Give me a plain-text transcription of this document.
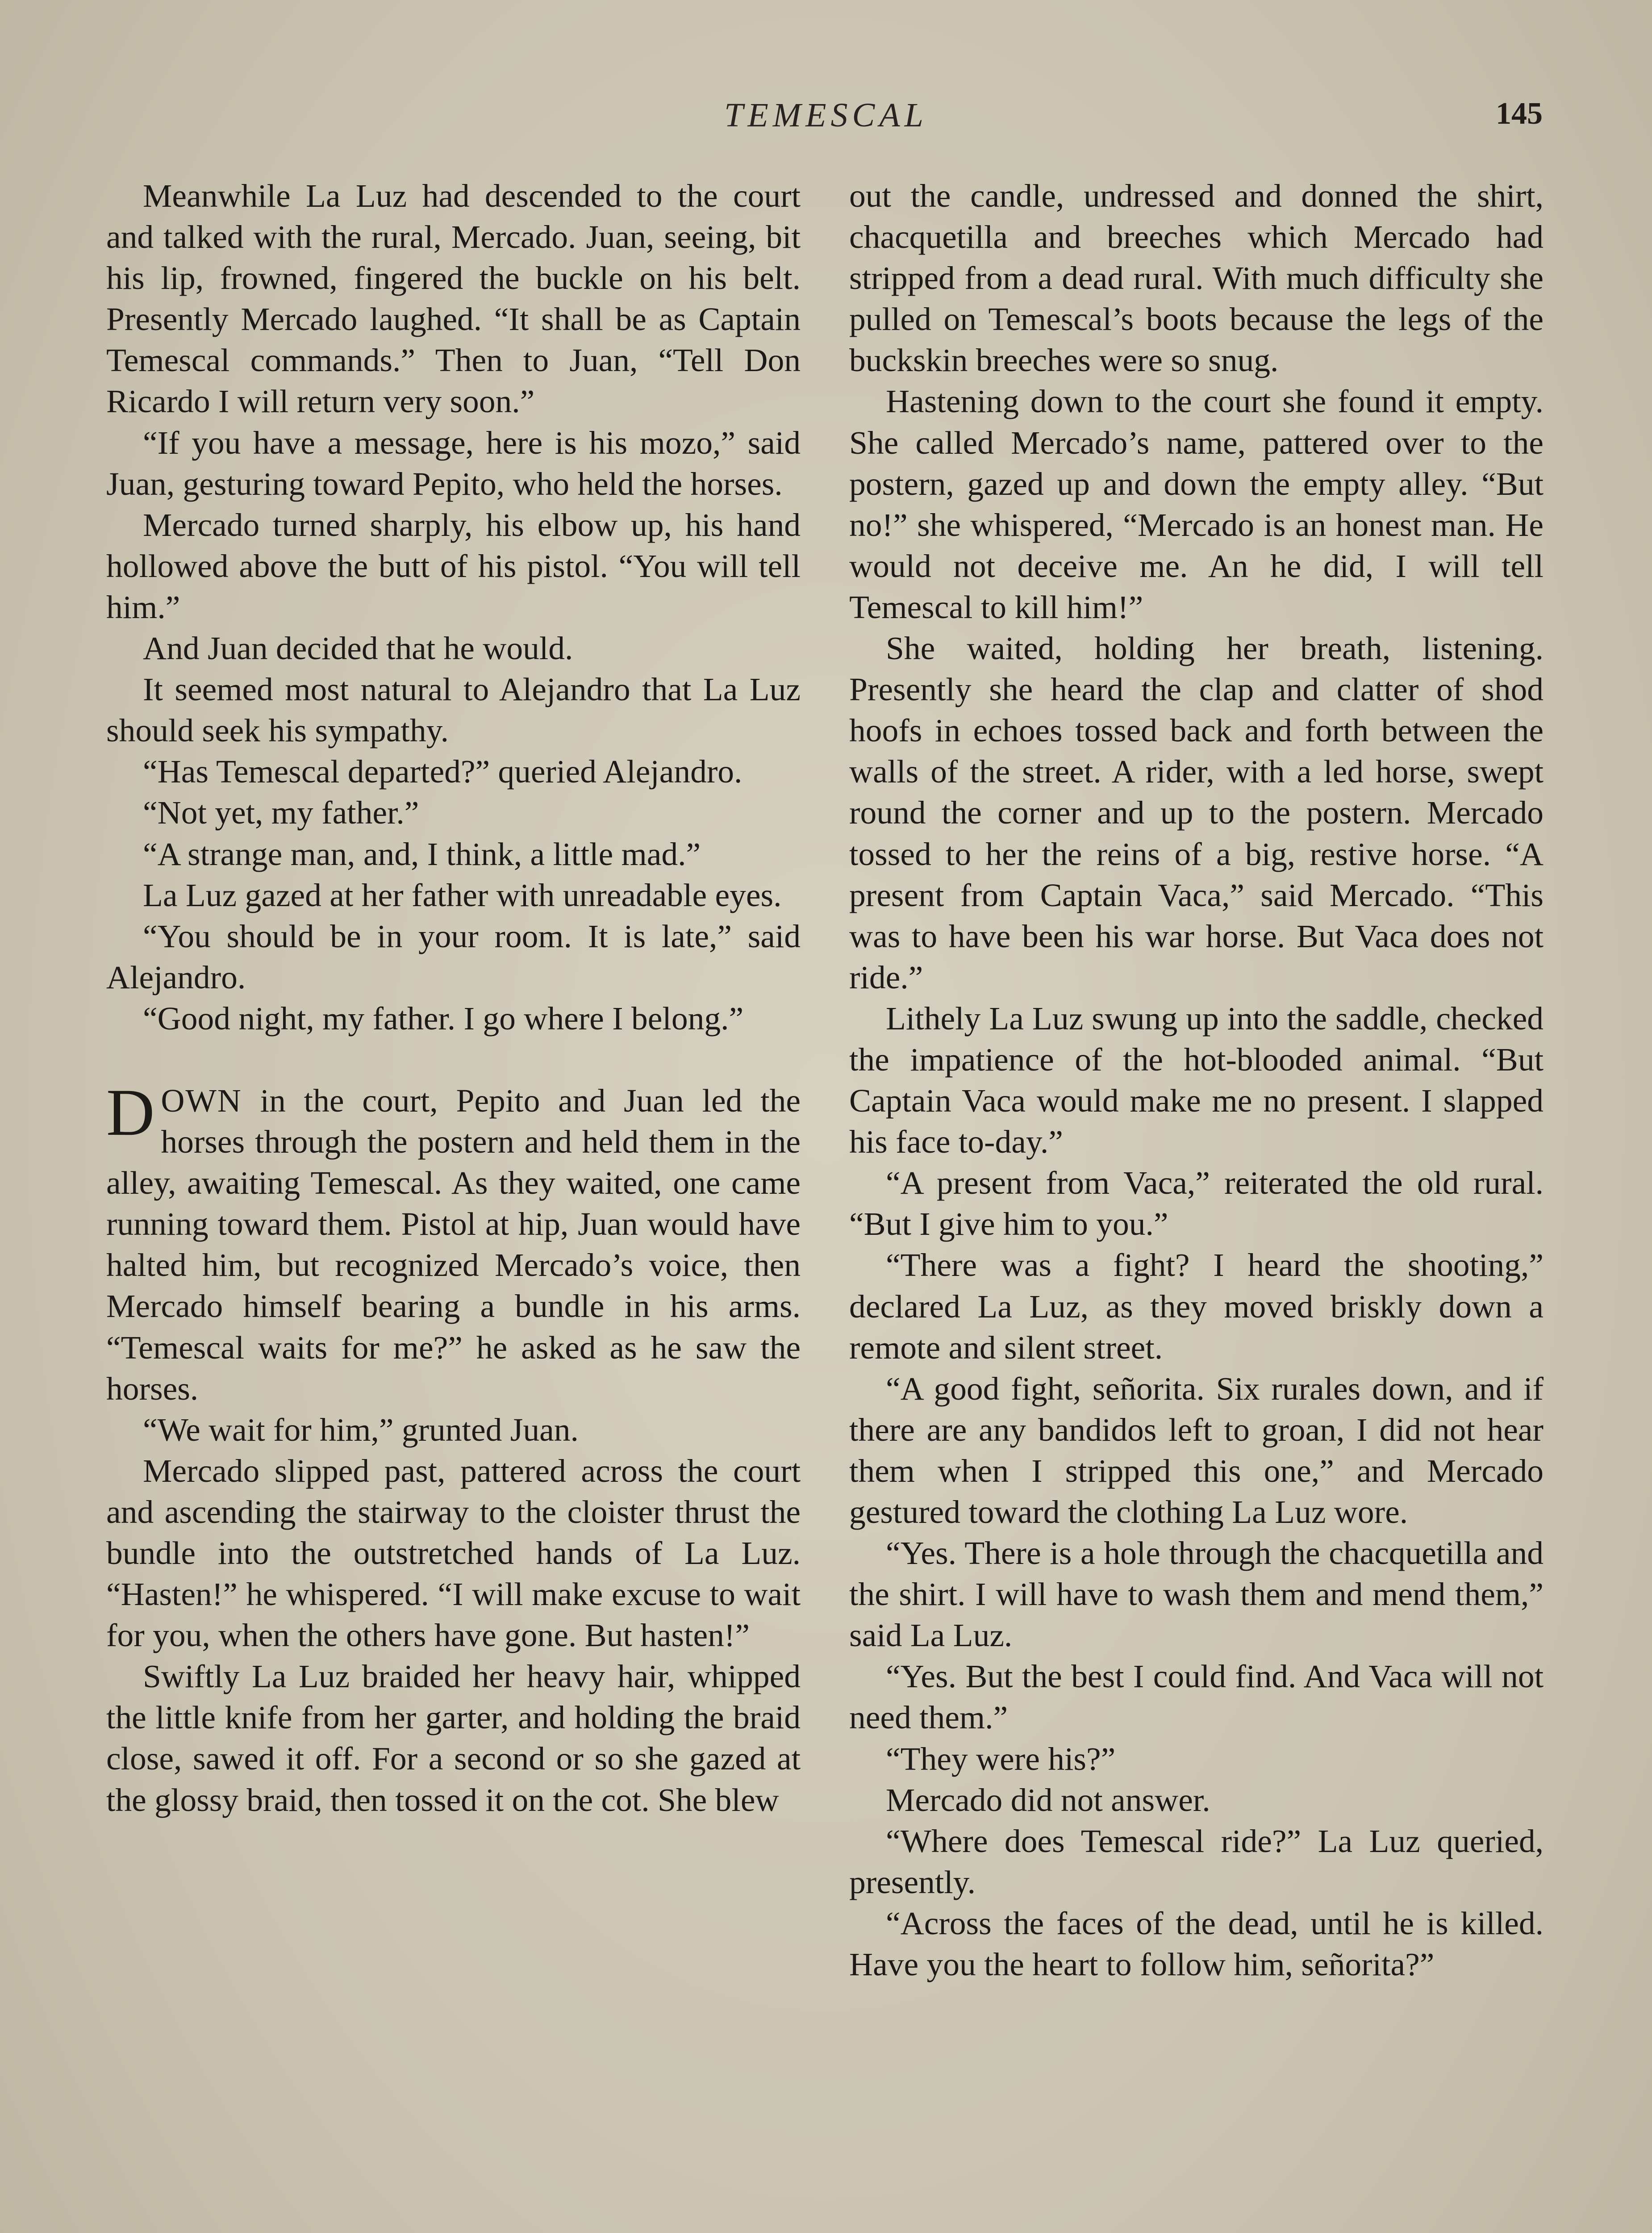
TEMESCAL	145

Meanwhile La Luz had descended to the court and talked with the rural, Mercado. Juan, seeing, bit his lip, frowned, fingered the buckle on his belt. Presently Mercado laughed. “It shall be as Captain Temescal commands.” Then to Juan, “Tell Don Ricardo I will return very soon.”

“If you have a message, here is his mozo,” said Juan, gesturing toward Pepito, who held the horses.

Mercado turned sharply, his elbow up, his hand hollowed above the butt of his pistol. “You will tell him.”

And Juan decided that he would.

It seemed most natural to Alejandro that La Luz should seek his sympathy.

“Has Temescal departed?” queried Alejandro.

“Not yet, my father.”

“A strange man, and, I think, a little mad.”

La Luz gazed at her father with unreadable eyes.

“You should be in your room. It is late,” said Alejandro.

“Good night, my father. I go where I belong.”

DOWN in the court, Pepito and Juan led the horses through the postern and held them in the alley, awaiting Temescal. As they waited, one came running toward them. Pistol at hip, Juan would have halted him, but recognized Mercado’s voice, then Mercado himself bearing a bundle in his arms. “Temescal waits for me?” he asked as he saw the horses.

“We wait for him,” grunted Juan.

Mercado slipped past, pattered across the court and ascending the stairway to the cloister thrust the bundle into the outstretched hands of La Luz. “Hasten!” he whispered. “I will make excuse to wait for you, when the others have gone. But hasten!”

Swiftly La Luz braided her heavy hair, whipped the little knife from her garter, and holding the braid close, sawed it off. For a second or so she gazed at the glossy braid, then tossed it on the cot. She blew

out the candle, undressed and donned the shirt, chacquetilla and breeches which Mercado had stripped from a dead rural. With much difficulty she pulled on Temescal’s boots because the legs of the buckskin breeches were so snug.

Hastening down to the court she found it empty. She called Mercado’s name, pattered over to the postern, gazed up and down the empty alley. “But no!” she whispered, “Mercado is an honest man. He would not deceive me. An he did, I will tell Temescal to kill him!”

She waited, holding her breath, listening. Presently she heard the clap and clatter of shod hoofs in echoes tossed back and forth between the walls of the street. A rider, with a led horse, swept round the corner and up to the postern. Mercado tossed to her the reins of a big, restive horse. “A present from Captain Vaca,” said Mercado. “This was to have been his war horse. But Vaca does not ride.”

Lithely La Luz swung up into the saddle, checked the impatience of the hot-blooded animal. “But Captain Vaca would make me no present. I slapped his face to-day.”

“A present from Vaca,” reiterated the old rural. “But I give him to you.”

“There was a fight? I heard the shooting,” declared La Luz, as they moved briskly down a remote and silent street.

“A good fight, señorita. Six rurales down, and if there are any bandidos left to groan, I did not hear them when I stripped this one,” and Mercado gestured toward the clothing La Luz wore.

“Yes. There is a hole through the chacquetilla and the shirt. I will have to wash them and mend them,” said La Luz.

“Yes. But the best I could find. And Vaca will not need them.”

“They were his?”

Mercado did not answer.

“Where does Temescal ride?” La Luz queried, presently.

“Across the faces of the dead, until he is killed. Have you the heart to follow him, señorita?”
